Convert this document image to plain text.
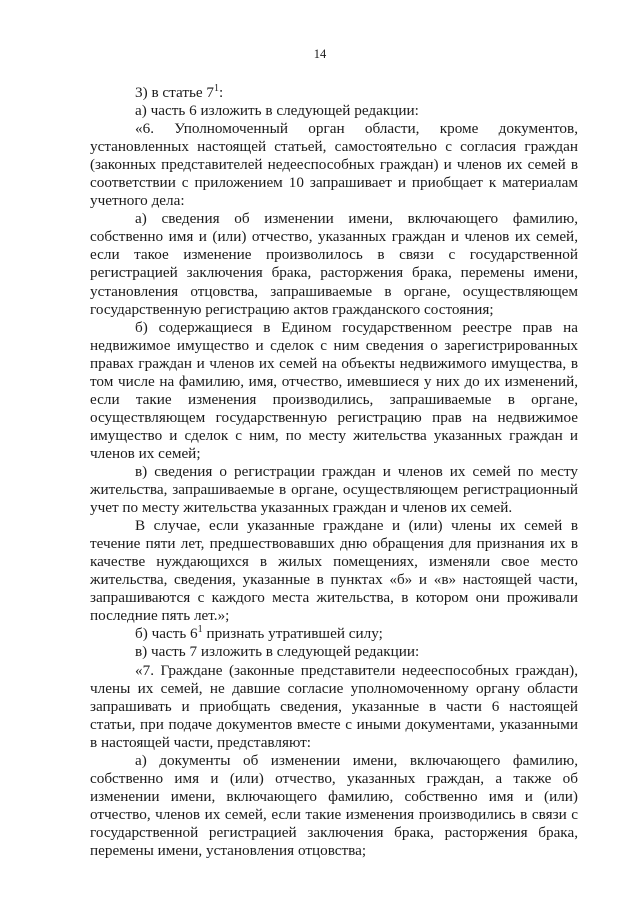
14

3) в статье $7^1$:

а) часть 6 изложить в следующей редакции:

«6. Уполномоченный орган области, кроме документов, установленных настоящей статьей, самостоятельно с согласия граждан (законных представителей недееспособных граждан) и членов их семей в соответствии с приложением 10 запрашивает и приобщает к материалам учетного дела:

а) сведения об изменении имени, включающего фамилию, собственно имя и (или) отчество, указанных граждан и членов их семей, если такое изменение произволилось в связи с государственной регистрацией заключения брака, расторжения брака, перемены имени, установления отцовства, запрашиваемые в органе, осуществляющем государственную регистрацию актов гражданского состояния;

б) содержащиеся в Едином государственном реестре прав на недвижимое имущество и сделок с ним сведения о зарегистрированных правах граждан и членов их семей на объекты недвижимого имущества, в том числе на фамилию, имя, отчество, имевшиеся у них до их изменений, если такие изменения производились, запрашиваемые в органе, осуществляющем государственную регистрацию прав на недвижимое имущество и сделок с ним, по месту жительства указанных граждан и членов их семей;

в) сведения о регистрации граждан и членов их семей по месту жительства, запрашиваемые в органе, осуществляющем регистрационный учет по месту жительства указанных граждан и членов их семей.

В случае, если указанные граждане и (или) члены их семей в течение пяти лет, предшествовавших дню обращения для признания их в качестве нуждающихся в жилых помещениях, изменяли свое место жительства, сведения, указанные в пунктах «б» и «в» настоящей части, запрашиваются с каждого места жительства, в котором они проживали последние пять лет.»;

б) часть $6^1$ признать утратившей силу;

в) часть 7 изложить в следующей редакции:

«7. Граждане (законные представители недееспособных граждан), члены их семей, не давшие согласие уполномоченному органу области запрашивать и приобщать сведения, указанные в части 6 настоящей статьи, при подаче документов вместе с иными документами, указанными в настоящей части, представляют:

а) документы об изменении имени, включающего фамилию, собственно имя и (или) отчество, указанных граждан, а также об изменении имени, включающего фамилию, собственно имя и (или) отчество, членов их семей, если такие изменения производились в связи с государственной регистрацией заключения брака, расторжения брака, перемены имени, установления отцовства;
